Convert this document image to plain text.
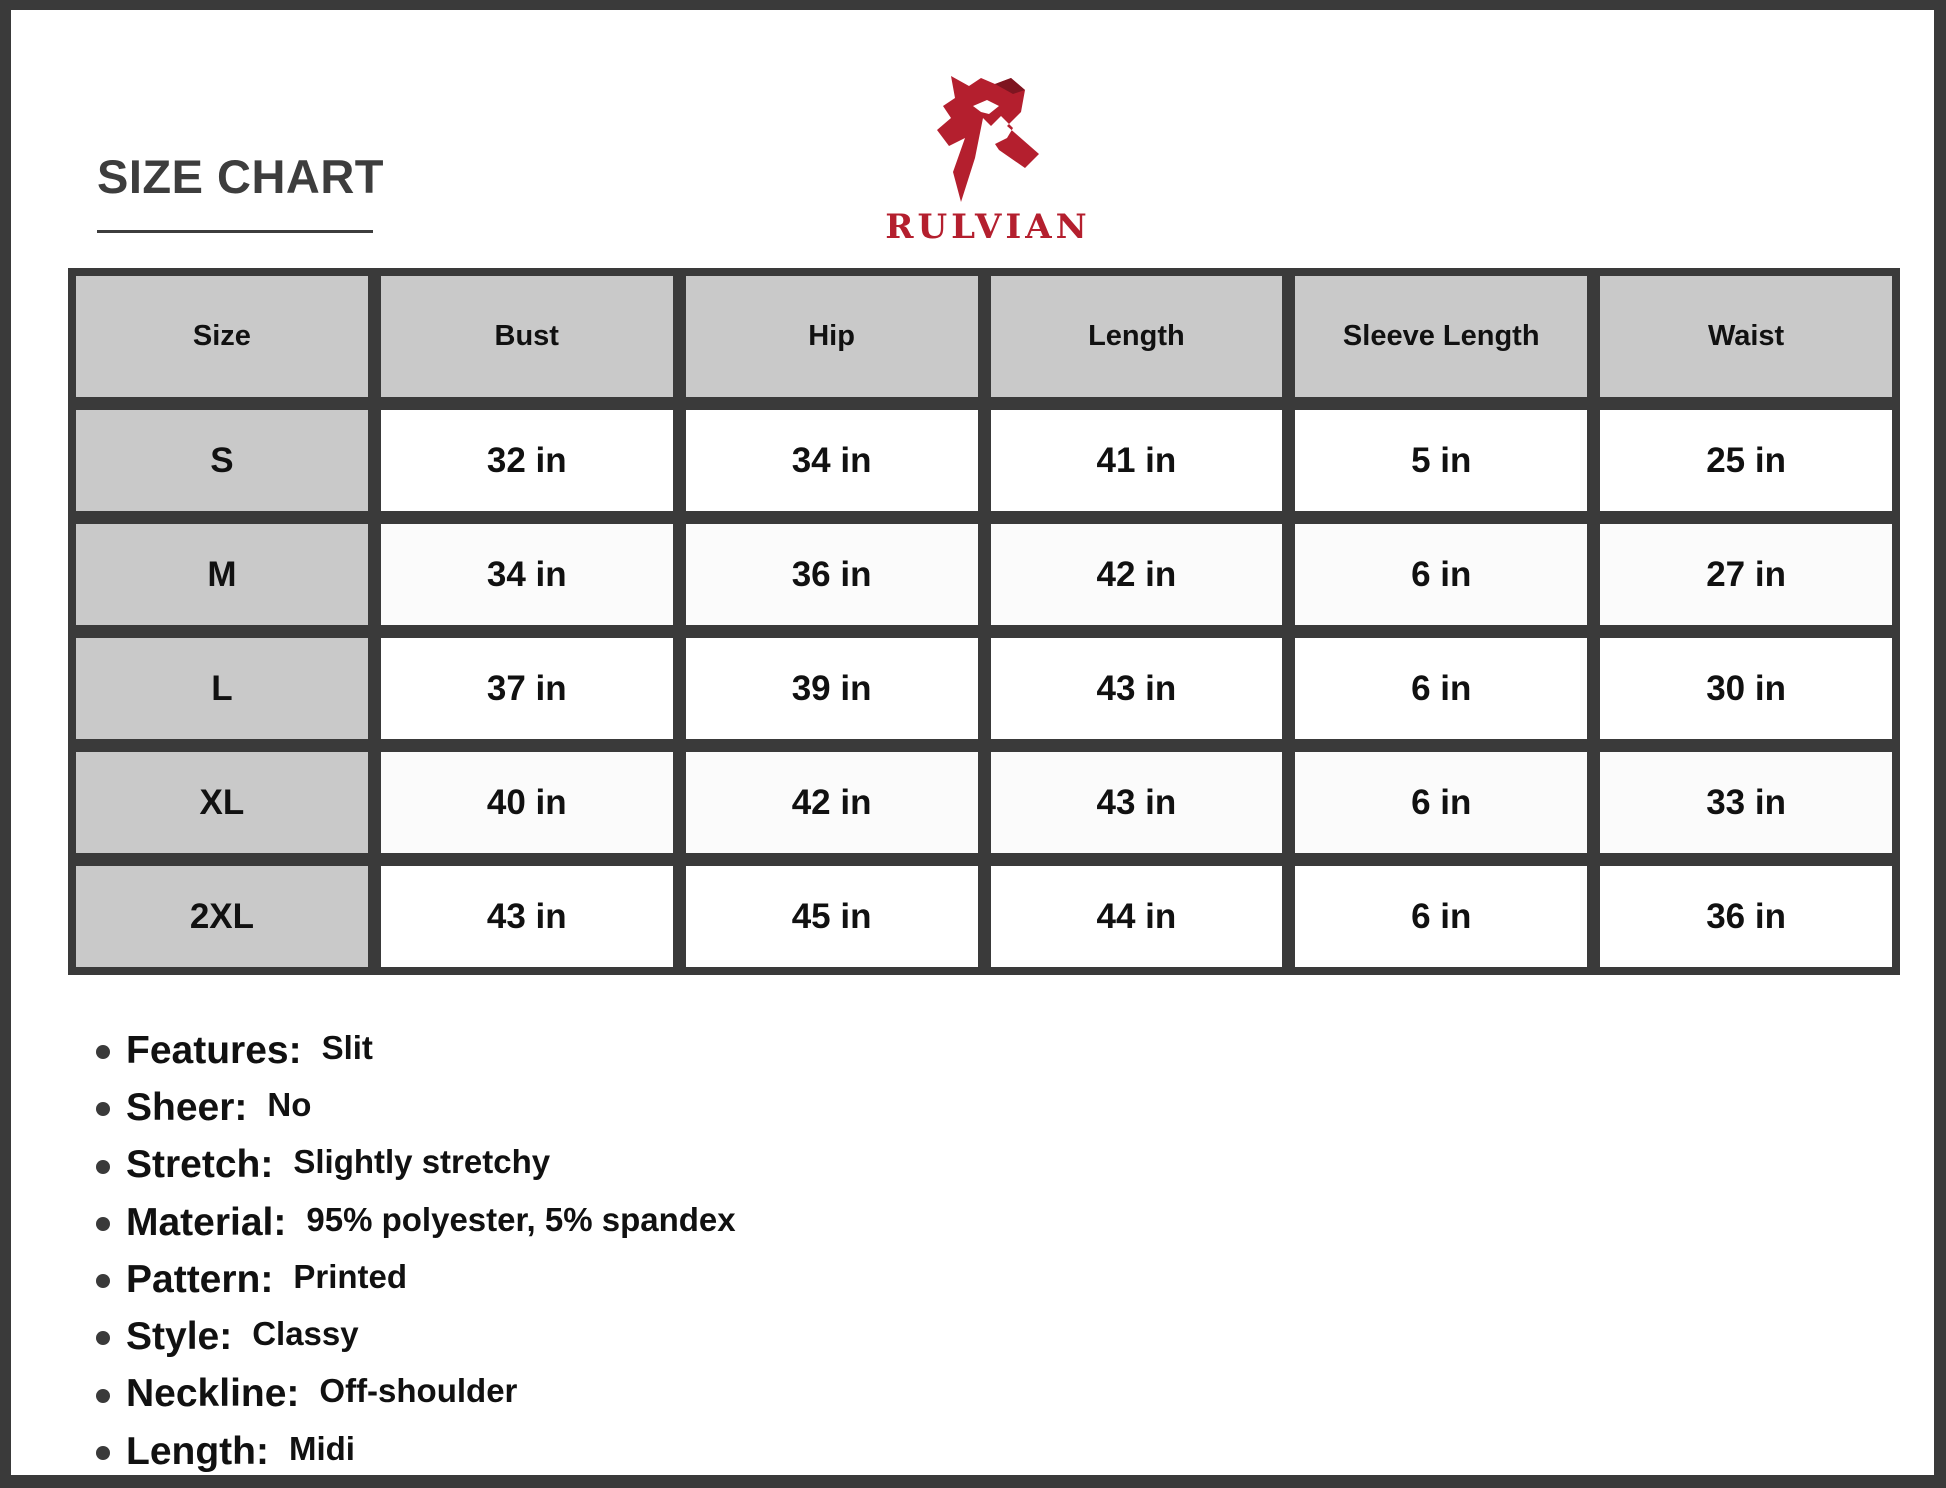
SIZE CHART
RULVIAN
Size	Bust	Hip	Length	Sleeve Length	Waist
S	32 in	34 in	41 in	5 in	25 in
M	34 in	36 in	42 in	6 in	27 in
L	37 in	39 in	43 in	6 in	30 in
XL	40 in	42 in	43 in	6 in	33 in
2XL	43 in	45 in	44 in	6 in	36 in
Features: Slit
Sheer: No
Stretch: Slightly stretchy
Material: 95% polyester, 5% spandex
Pattern: Printed
Style: Classy
Neckline: Off-shoulder
Length: Midi
